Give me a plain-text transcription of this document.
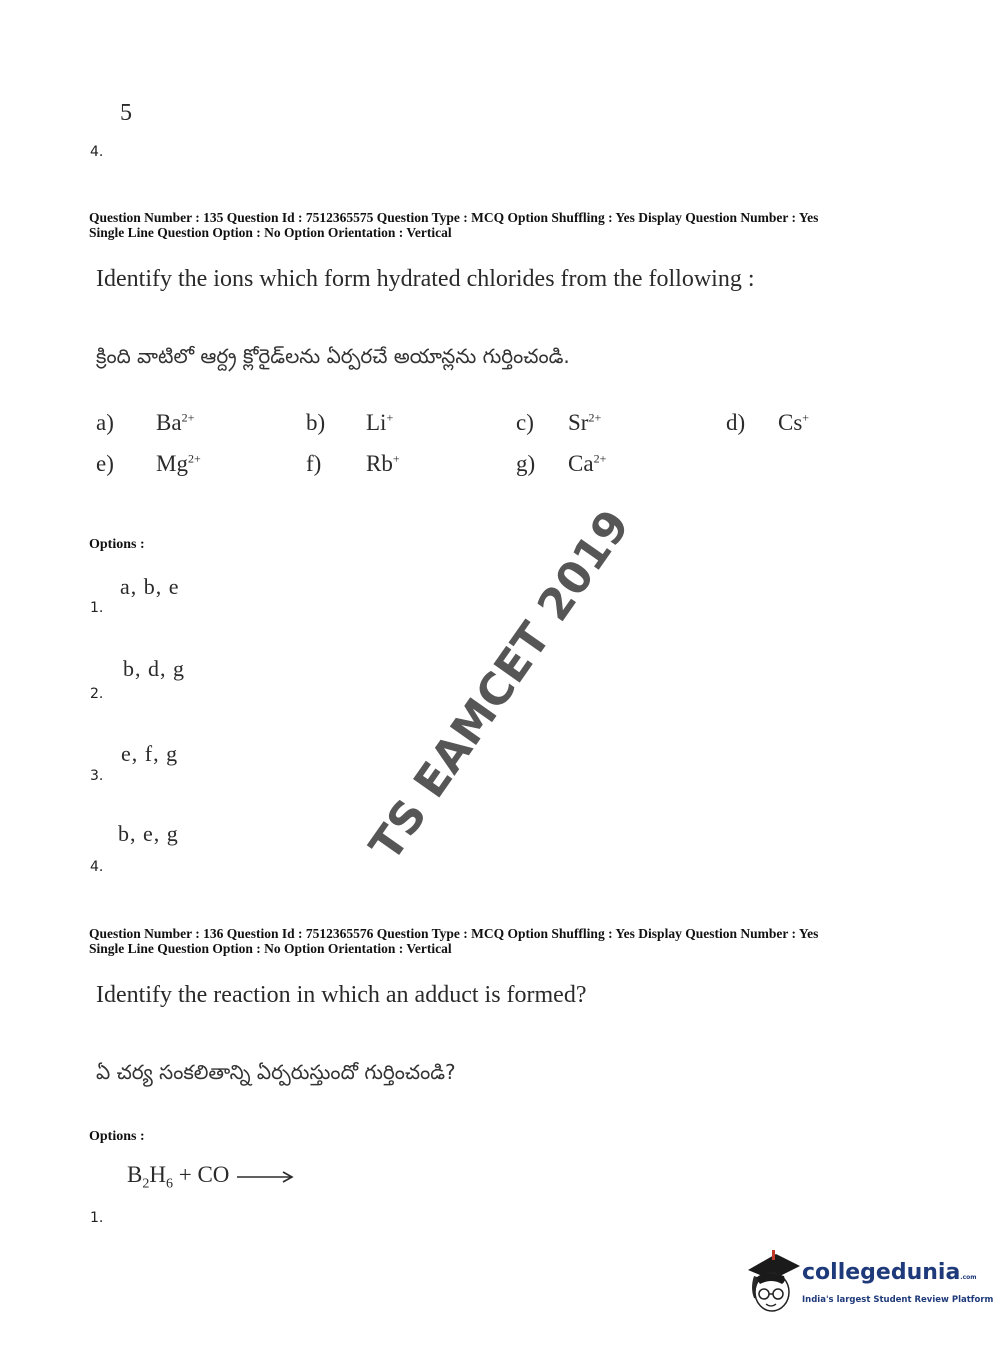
5
4.
Question Number : 135 Question Id : 7512365575 Question Type : MCQ Option Shuffling : Yes Display Question Number : Yes
Single Line Question Option : No Option Orientation : Vertical
Identify the ions which form hydrated chlorides from the following :
క్రింది వాటిలో ఆర్ద్ర క్లోరైడ్‌లను ఏర్పరచే అయాన్లను గుర్తించండి.
a) $Ba^{2+}$	b) Li+	c) $Sr^{2+}$	d) Cs+
e) $Mg^{2+}$	f) Rb+	g) $Ca^{2+}$
Options :
a, b, e
1.
b, d, g
2.
e, f, g
3.
b, e, g
4.
Question Number : 136 Question Id : 7512365576 Question Type : MCQ Option Shuffling : Yes Display Question Number : Yes
Single Line Question Option : No Option Orientation : Vertical
Identify the reaction in which an adduct is formed?
ఏ చర్య సంకలితాన్ని ఏర్పరుస్తుందో గుర్తించండి?
Options :
$B_2H_6$ + CO →
1.
TS EAMCET 2019
collegedunia.com
India's largest Student Review Platform
